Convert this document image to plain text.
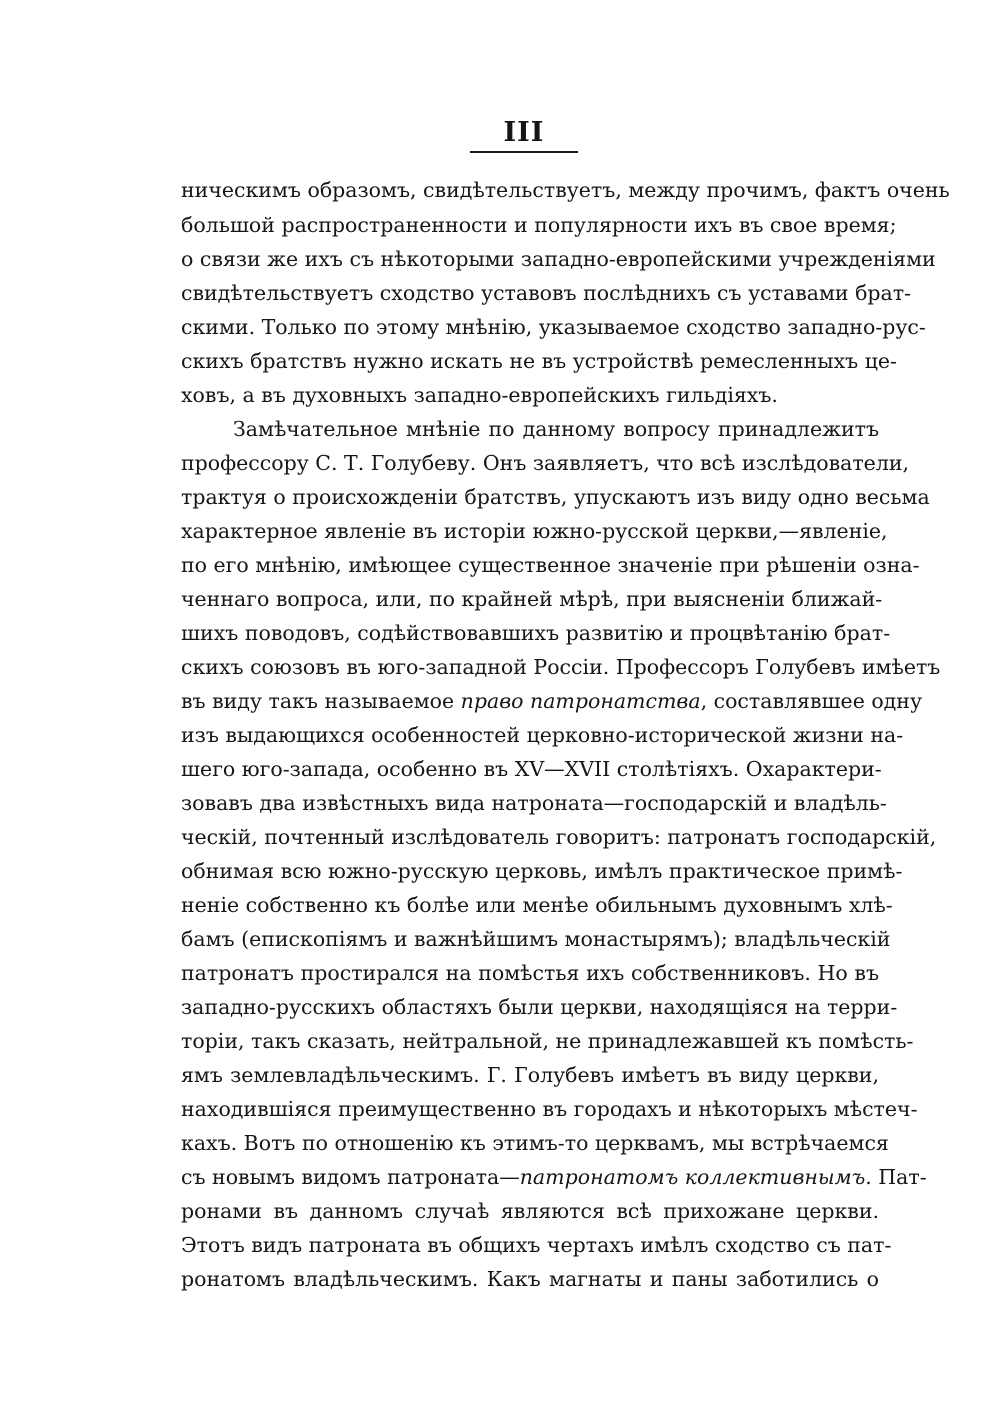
III
ническимъ образомъ, свидѣтельствуетъ, между прочимъ, фактъ очень
большой распространенности и популярности ихъ въ свое время;
о связи же ихъ съ нѣкоторыми западно-европейскими учрежденіями
свидѣтельствуетъ сходство уставовъ послѣднихъ съ уставами брат-
скими. Только по этому мнѣнію, указываемое сходство западно-рус-
скихъ братствъ нужно искать не въ устройствѣ ремесленныхъ це-
ховъ, а въ духовныхъ западно-европейскихъ гильдіяхъ.
Замѣчательное мнѣніе по данному вопросу принадлежитъ
профессору С. Т. Голубеву. Онъ заявляетъ, что всѣ изслѣдователи,
трактуя о происхожденіи братствъ, упускаютъ изъ виду одно весьма
характерное явленіе въ исторіи южно-русской церкви,—явленіе,
по его мнѣнію, имѣющее существенное значеніе при рѣшеніи озна-
ченнаго вопроса, или, по крайней мѣрѣ, при выясненіи ближай-
шихъ поводовъ, содѣйствовавшихъ развитію и процвѣтанію брат-
скихъ союзовъ въ юго-западной Россіи. Профессоръ Голубевъ имѣетъ
въ виду такъ называемое право патронатства, составлявшее одну
изъ выдающихся особенностей церковно-исторической жизни на-
шего юго-запада, особенно въ XV—XVII столѣтіяхъ. Охарактери-
зовавъ два извѣстныхъ вида натроната—господарскій и владѣль-
ческій, почтенный изслѣдователь говоритъ: патронатъ господарскій,
обнимая всю южно-русскую церковь, имѣлъ практическое примѣ-
неніе собственно къ болѣе или менѣе обильнымъ духовнымъ хлѣ-
бамъ (епископіямъ и важнѣйшимъ монастырямъ); владѣльческій
патронатъ простирался на помѣстья ихъ собственниковъ. Но въ
западно-русскихъ областяхъ были церкви, находящіяся на терри-
торіи, такъ сказать, нейтральной, не принадлежавшей къ помѣсть-
ямъ землевладѣльческимъ. Г. Голубевъ имѣетъ въ виду церкви,
находившіяся преимущественно въ городахъ и нѣкоторыхъ мѣстеч-
кахъ. Вотъ по отношенію къ этимъ-то церквамъ, мы встрѣчаемся
съ новымъ видомъ патроната—патронатомъ коллективнымъ. Пат-
ронами въ данномъ случаѣ являются всѣ прихожане церкви.
Этотъ видъ патроната въ общихъ чертахъ имѣлъ сходство съ пат-
ронатомъ владѣльческимъ. Какъ магнаты и паны заботились о
